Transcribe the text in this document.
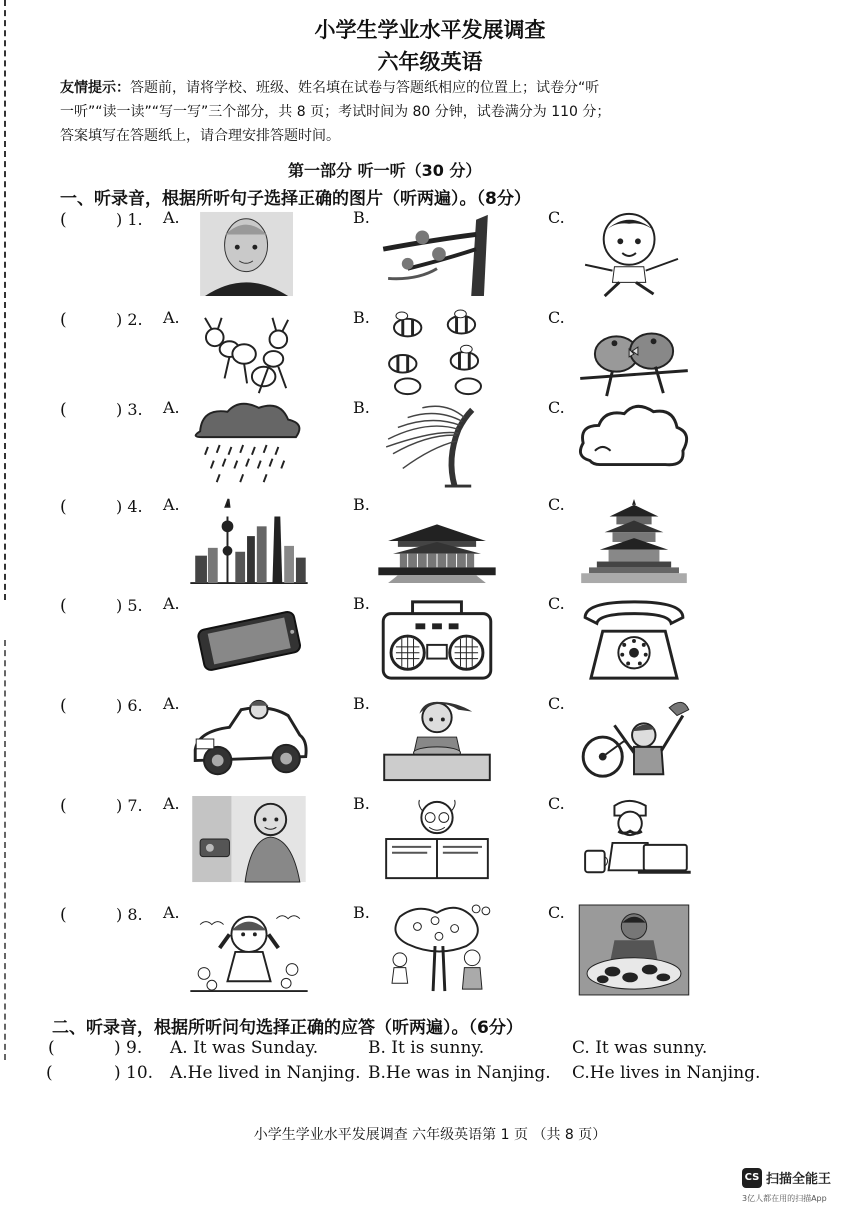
小学生学业水平发展调查
六年级英语
友情提示：答题前，请将学校、班级、姓名填在试卷与答题纸相应的位置上；试卷分“听
一听”“读一读”“写一写”三个部分，共 8 页；考试时间为 80 分钟，试卷满分为 110 分；
答案填写在答题纸上，请合理安排答题时间。
第一部分 听一听（30 分）
一、听录音，根据所听句子选择正确的图片（听两遍）。（8分）
(	) 1. A.	B.	C.
(	) 2. A.	B.	C.
(	) 3. A.	B.	C.
(	) 4. A.	B.	C.
(	) 5. A.	B.	C.
(	) 6. A.	B.	C.
(	) 7. A.	B.	C.
(	) 8. A.	B.	C.
二、听录音，根据所听问句选择正确的应答（听两遍）。（6分）
(	) 9. A. It was Sunday.	B. It is sunny.	C. It was sunny.
(	) 10. A.He lived in Nanjing. B.He was in Nanjing. C.He lives in Nanjing.
小学生学业水平发展调查 六年级英语第 1 页 （共 8 页）
CS 扫描全能王
3亿人都在用的扫描App
